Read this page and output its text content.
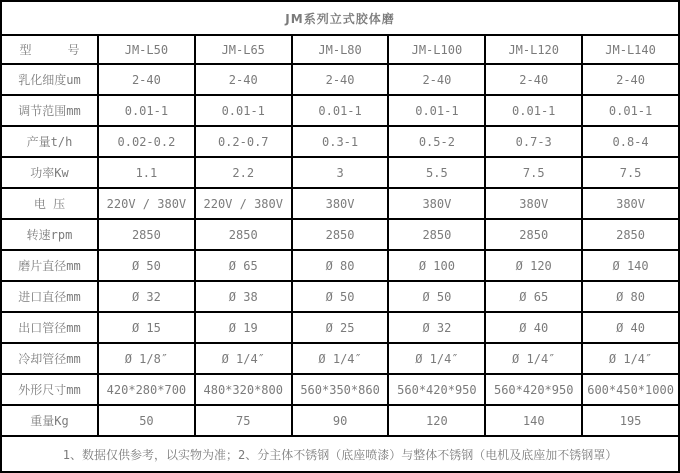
JM系列立式胶体磨						
型　　　号	JM-L50	JM-L65	JM-L80	JM-L100	JM-L120	JM-L140
乳化细度um	2-40	2-40	2-40	2-40	2-40	2-40
调节范围mm	0.01-1	0.01-1	0.01-1	0.01-1	0.01-1	0.01-1
产量t/h	0.02-0.2	0.2-0.7	0.3-1	0.5-2	0.7-3	0.8-4
功率Kw	1.1	2.2	3	5.5	7.5	7.5
电 压	220V / 380V	220V / 380V	380V	380V	380V	380V
转速rpm	2850	2850	2850	2850	2850	2850
磨片直径mm	Ø 50	Ø 65	Ø 80	Ø 100	Ø 120	Ø 140
进口直径mm	Ø 32	Ø 38	Ø 50	Ø 50	Ø 65	Ø 80
出口管径mm	Ø 15	Ø 19	Ø 25	Ø 32	Ø 40	Ø 40
冷却管径mm	Ø 1/8″	Ø 1/4″	Ø 1/4″	Ø 1/4″	Ø 1/4″	Ø 1/4″
外形尺寸mm	420*280*700	480*320*800	560*350*860	560*420*950	560*420*950	600*450*1000
重量Kg	50	75	90	120	140	195
1、数据仅供参考，以实物为准；2、分主体不锈钢（底座喷漆）与整体不锈钢（电机及底座加不锈钢罩）						
